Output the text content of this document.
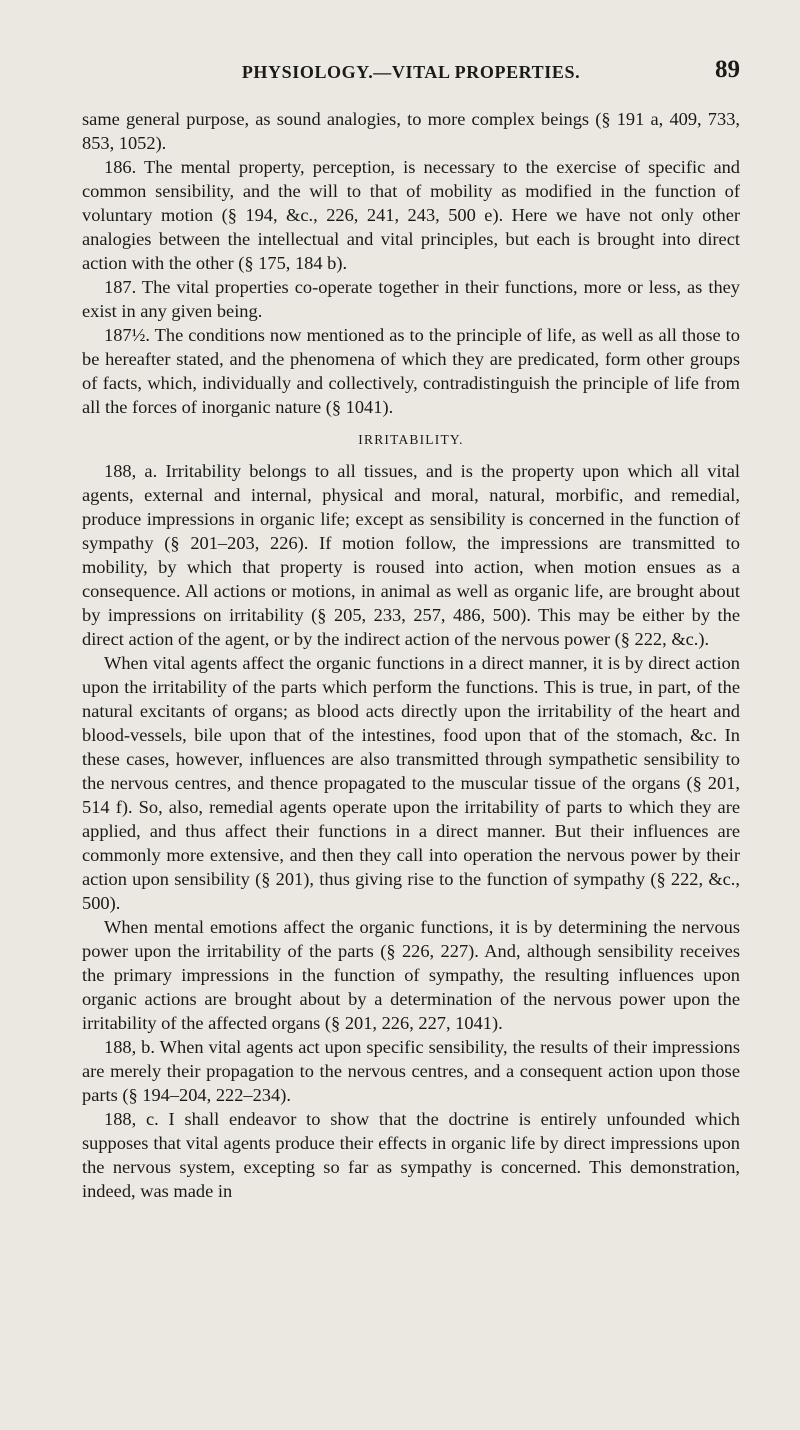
PHYSIOLOGY.—VITAL PROPERTIES.	89

same general purpose, as sound analogies, to more complex beings (§ 191 a, 409, 733, 853, 1052).

186. The mental property, perception, is necessary to the exercise of specific and common sensibility, and the will to that of mobility as modified in the function of voluntary motion (§ 194, &c., 226, 241, 243, 500 e). Here we have not only other analogies between the intellectual and vital principles, but each is brought into direct action with the other (§ 175, 184 b).

187. The vital properties co-operate together in their functions, more or less, as they exist in any given being.

187½. The conditions now mentioned as to the principle of life, as well as all those to be hereafter stated, and the phenomena of which they are predicated, form other groups of facts, which, individually and collectively, contradistinguish the principle of life from all the forces of inorganic nature (§ 1041).

IRRITABILITY.

188, a. Irritability belongs to all tissues, and is the property upon which all vital agents, external and internal, physical and moral, natural, morbific, and remedial, produce impressions in organic life; except as sensibility is concerned in the function of sympathy (§ 201–203, 226). If motion follow, the impressions are transmitted to mobility, by which that property is roused into action, when motion ensues as a consequence. All actions or motions, in animal as well as organic life, are brought about by impressions on irritability (§ 205, 233, 257, 486, 500). This may be either by the direct action of the agent, or by the indirect action of the nervous power (§ 222, &c.).

When vital agents affect the organic functions in a direct manner, it is by direct action upon the irritability of the parts which perform the functions. This is true, in part, of the natural excitants of organs; as blood acts directly upon the irritability of the heart and blood-vessels, bile upon that of the intestines, food upon that of the stomach, &c. In these cases, however, influences are also transmitted through sympathetic sensibility to the nervous centres, and thence propagated to the muscular tissue of the organs (§ 201, 514 f). So, also, remedial agents operate upon the irritability of parts to which they are applied, and thus affect their functions in a direct manner. But their influences are commonly more extensive, and then they call into operation the nervous power by their action upon sensibility (§ 201), thus giving rise to the function of sympathy (§ 222, &c., 500).

When mental emotions affect the organic functions, it is by determining the nervous power upon the irritability of the parts (§ 226, 227). And, although sensibility receives the primary impressions in the function of sympathy, the resulting influences upon organic actions are brought about by a determination of the nervous power upon the irritability of the affected organs (§ 201, 226, 227, 1041).

188, b. When vital agents act upon specific sensibility, the results of their impressions are merely their propagation to the nervous centres, and a consequent action upon those parts (§ 194–204, 222–234).

188, c. I shall endeavor to show that the doctrine is entirely unfounded which supposes that vital agents produce their effects in organic life by direct impressions upon the nervous system, excepting so far as sympathy is concerned. This demonstration, indeed, was made in
